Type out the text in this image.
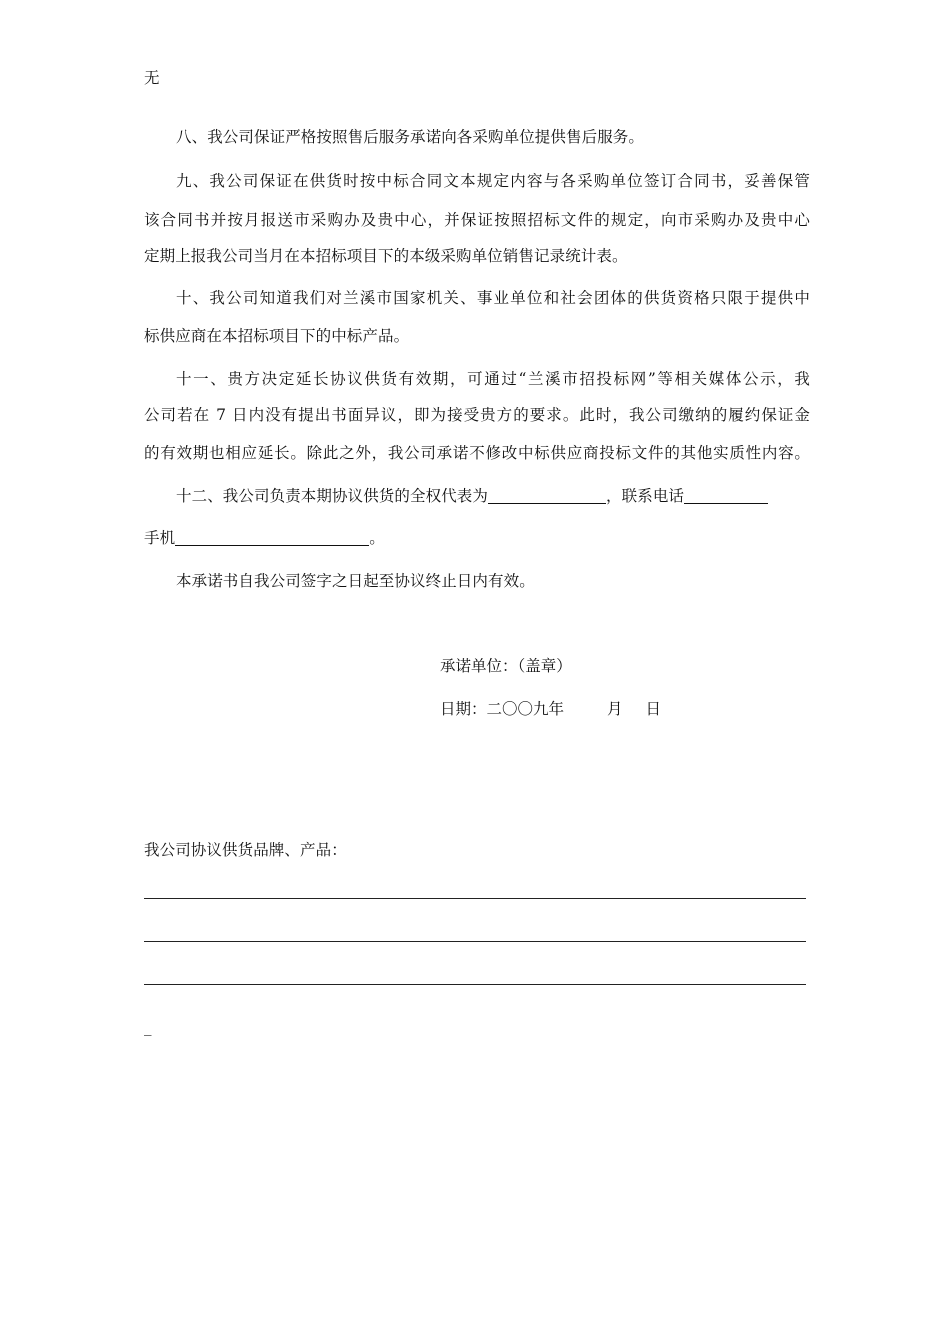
无
八、我公司保证严格按照售后服务承诺向各采购单位提供售后服务。
九、我公司保证在供货时按中标合同文本规定内容与各采购单位签订合同书，妥善保管
该合同书并按月报送市采购办及贵中心，并保证按照招标文件的规定，向市采购办及贵中心
定期上报我公司当月在本招标项目下的本级采购单位销售记录统计表。
十、我公司知道我们对兰溪市国家机关、事业单位和社会团体的供货资格只限于提供中
标供应商在本招标项目下的中标产品。
十一、贵方决定延长协议供货有效期，可通过“兰溪市招投标网”等相关媒体公示，我
公司若在 7 日内没有提出书面异议，即为接受贵方的要求。此时，我公司缴纳的履约保证金
的有效期也相应延长。除此之外，我公司承诺不修改中标供应商投标文件的其他实质性内容。
十二、我公司负责本期协议供货的全权代表为	，联系电话
手机	。
本承诺书自我公司签字之日起至协议终止日内有效。
承诺单位：（盖章）
日期：二〇〇九年	月 日
我公司协议供货品牌、产品：
_
